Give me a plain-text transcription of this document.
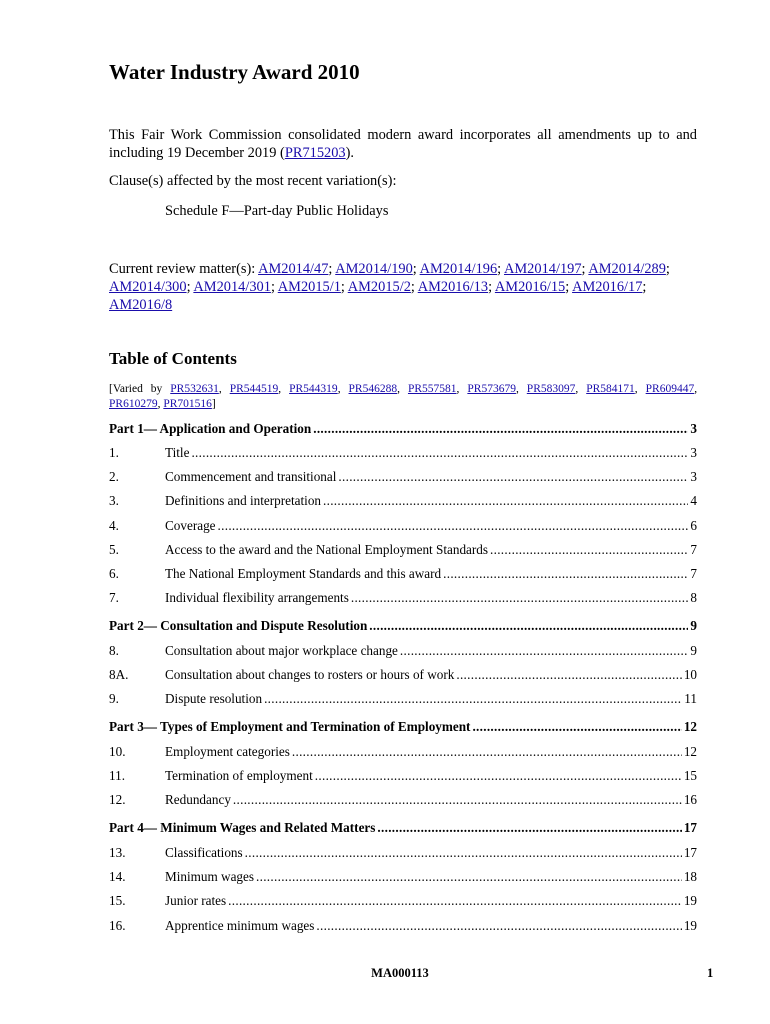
Water Industry Award 2010
This Fair Work Commission consolidated modern award incorporates all amendments up to and including 19 December 2019 (PR715203).
Clause(s) affected by the most recent variation(s):
Schedule F—Part-day Public Holidays
Current review matter(s): AM2014/47; AM2014/190; AM2014/196; AM2014/197; AM2014/289; AM2014/300; AM2014/301; AM2015/1; AM2015/2; AM2016/13; AM2016/15; AM2016/17; AM2016/8
Table of Contents
[Varied by PR532631, PR544519, PR544319, PR546288, PR557581, PR573679, PR583097, PR584171, PR609447, PR610279, PR701516]
Part 1— Application and Operation .....	3
1.	Title .....	3
2.	Commencement and transitional .....	3
3.	Definitions and interpretation .....	4
4.	Coverage .....	6
5.	Access to the award and the National Employment Standards .....	7
6.	The National Employment Standards and this award .....	7
7.	Individual flexibility arrangements .....	8
Part 2— Consultation and Dispute Resolution .....	9
8.	Consultation about major workplace change .....	9
8A.	Consultation about changes to rosters or hours of work .....	10
9.	Dispute resolution .....	11
Part 3— Types of Employment and Termination of Employment .....	12
10.	Employment categories .....	12
11.	Termination of employment .....	15
12.	Redundancy .....	16
Part 4— Minimum Wages and Related Matters .....	17
13.	Classifications .....	17
14.	Minimum wages .....	18
15.	Junior rates .....	19
16.	Apprentice minimum wages .....	19
MA000113	1
